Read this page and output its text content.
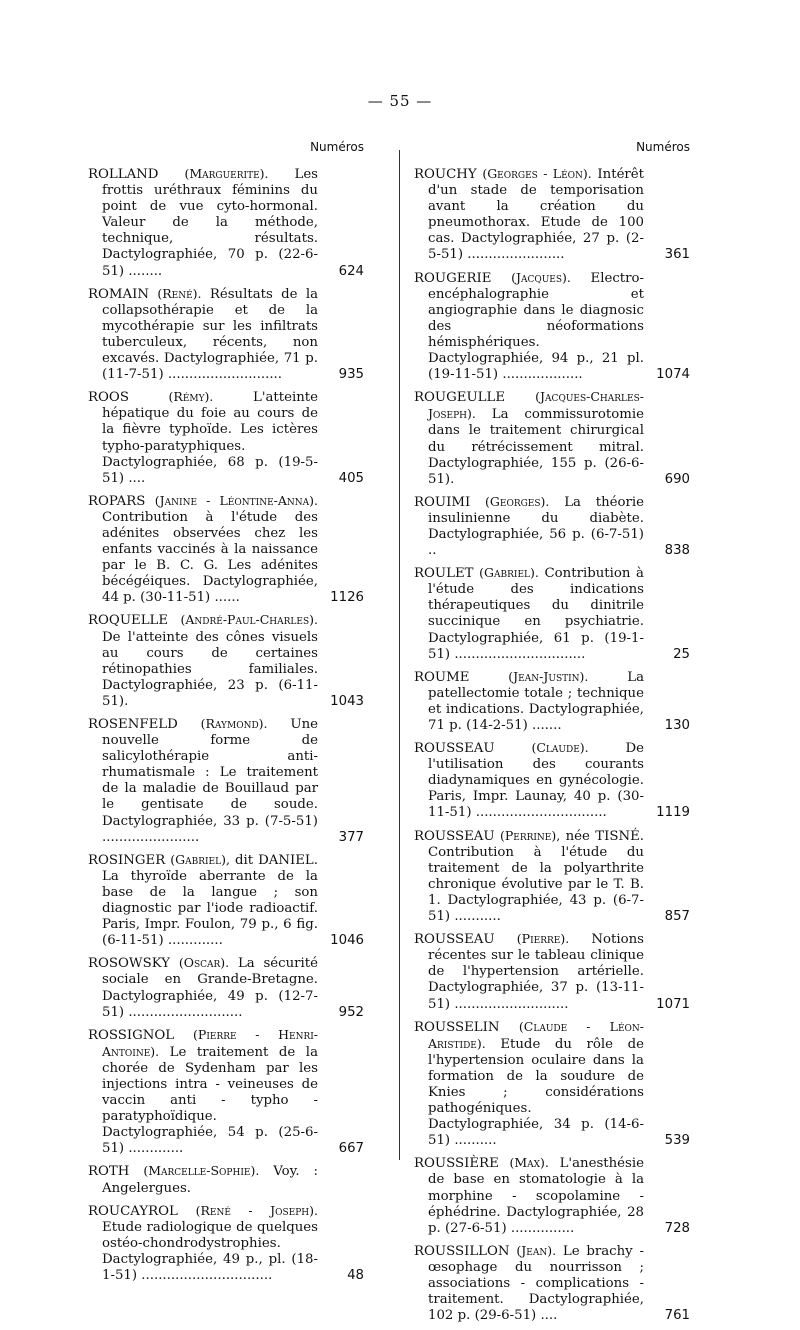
— 55 —
Numéros
ROLLAND (Marguerite). Les frottis uréthraux féminins du point de vue cyto-hormonal. Valeur de la méthode, technique, résultats. Dactylographiée, 70 p. (22-6-51) ........	624
ROMAIN (René). Résultats de la collapsothérapie et de la mycothérapie sur les infiltrats tuberculeux, récents, non excavés. Dactylographiée, 71 p. (11-7-51) ...........................	935
ROOS	(Rémy).	L'atteinte hépatique du foie au cours de la fièvre typhoïde. Les ictères typho-paratyphiques. Dactylographiée, 68 p. (19-5-51) ....	405
ROPARS (Janine - Léontine-Anna). Contribution à l'étude des adénites observées chez les enfants vaccinés à la naissance par le B. C. G. Les adénites bécégéiques. Dactylographiée, 44 p. (30-11-51) ......	1126
ROQUELLE (André-Paul-Charles). De l'atteinte des cônes visuels au cours de certaines rétinopathies familiales. Dactylographiée, 23 p. (6-11-51).	1043
ROSENFELD (Raymond). Une nouvelle forme de salicylothérapie anti-rhumatismale : Le traitement de la maladie de Bouillaud par le gentisate de soude. Dactylographiée, 33 p. (7-5-51) .......................	377
ROSINGER (Gabriel), dit DANIEL. La thyroïde aberrante de la base de la langue ; son diagnostic par l'iode radioactif. Paris, Impr. Foulon, 79 p., 6 fig. (6-11-51) .............	1046
ROSOWSKY (Oscar). La sécurité sociale en Grande-Bretagne. Dactylographiée, 49 p. (12-7-51) ...........................	952
ROSSIGNOL (Pierre - Henri-Antoine). Le traitement de la chorée de Sydenham par les injections intra - veineuses de vaccin anti - typho - paratyphoïdique. Dactylographiée, 54 p. (25-6-51) .............	667
ROTH (Marcelle-Sophie). Voy. : Angelergues.
ROUCAYROL (René - Joseph). Etude radiologique de quelques ostéo-chondrodystrophies. Dactylographiée, 49 p., pl. (18-1-51) ...............................	48
Numéros
ROUCHY (Georges - Léon). Intérêt d'un stade de temporisation avant la création du pneumothorax. Etude de 100 cas. Dactylographiée, 27 p. (2-5-51) .......................	361
ROUGERIE (Jacques). Electro-encéphalographie et angiographie dans le diagnosic des néoformations hémisphériques. Dactylographiée, 94 p., 21 pl. (19-11-51) ...................	1074
ROUGEULLE (Jacques-Charles-Joseph). La commissurotomie dans le traitement chirurgical du rétrécissement mitral. Dactylographiée, 155 p. (26-6-51).	690
ROUIMI (Georges). La théorie insulinienne du diabète. Dactylographiée, 56 p. (6-7-51) ..	838
ROULET (Gabriel). Contribution à l'étude des indications thérapeutiques du dinitrile succinique en psychiatrie. Dactylographiée, 61 p. (19-1-51) ...............................	25
ROUME	(Jean-Justin).	La patellectomie totale ; technique et indications. Dactylographiée, 71 p. (14-2-51) .......	130
ROUSSEAU	(Claude).	De l'utilisation des courants diadynamiques en gynécologie. Paris, Impr. Launay, 40 p. (30-11-51) ...............................	1119
ROUSSEAU (Perrine), née TISNÉ. Contribution à l'étude du traitement de la polyarthrite chronique évolutive par le T. B. 1. Dactylographiée, 43 p. (6-7-51) ...........	857
ROUSSEAU (Pierre). Notions récentes sur le tableau clinique de l'hypertension artérielle. Dactylographiée, 37 p. (13-11-51) ...........................	1071
ROUSSELIN (Claude - Léon-Aristide). Etude du rôle de l'hypertension oculaire dans la formation de la soudure de Knies ; considérations pathogéniques. Dactylographiée, 34 p. (14-6-51) ..........	539
ROUSSIÈRE (Max). L'anesthésie de base en stomatologie à la morphine - scopolamine - éphédrine. Dactylographiée, 28 p. (27-6-51) ...............	728
ROUSSILLON (Jean). Le brachy - œsophage du nourrisson ; associations - complications - traitement. Dactylographiée, 102 p. (29-6-51) ....	761
